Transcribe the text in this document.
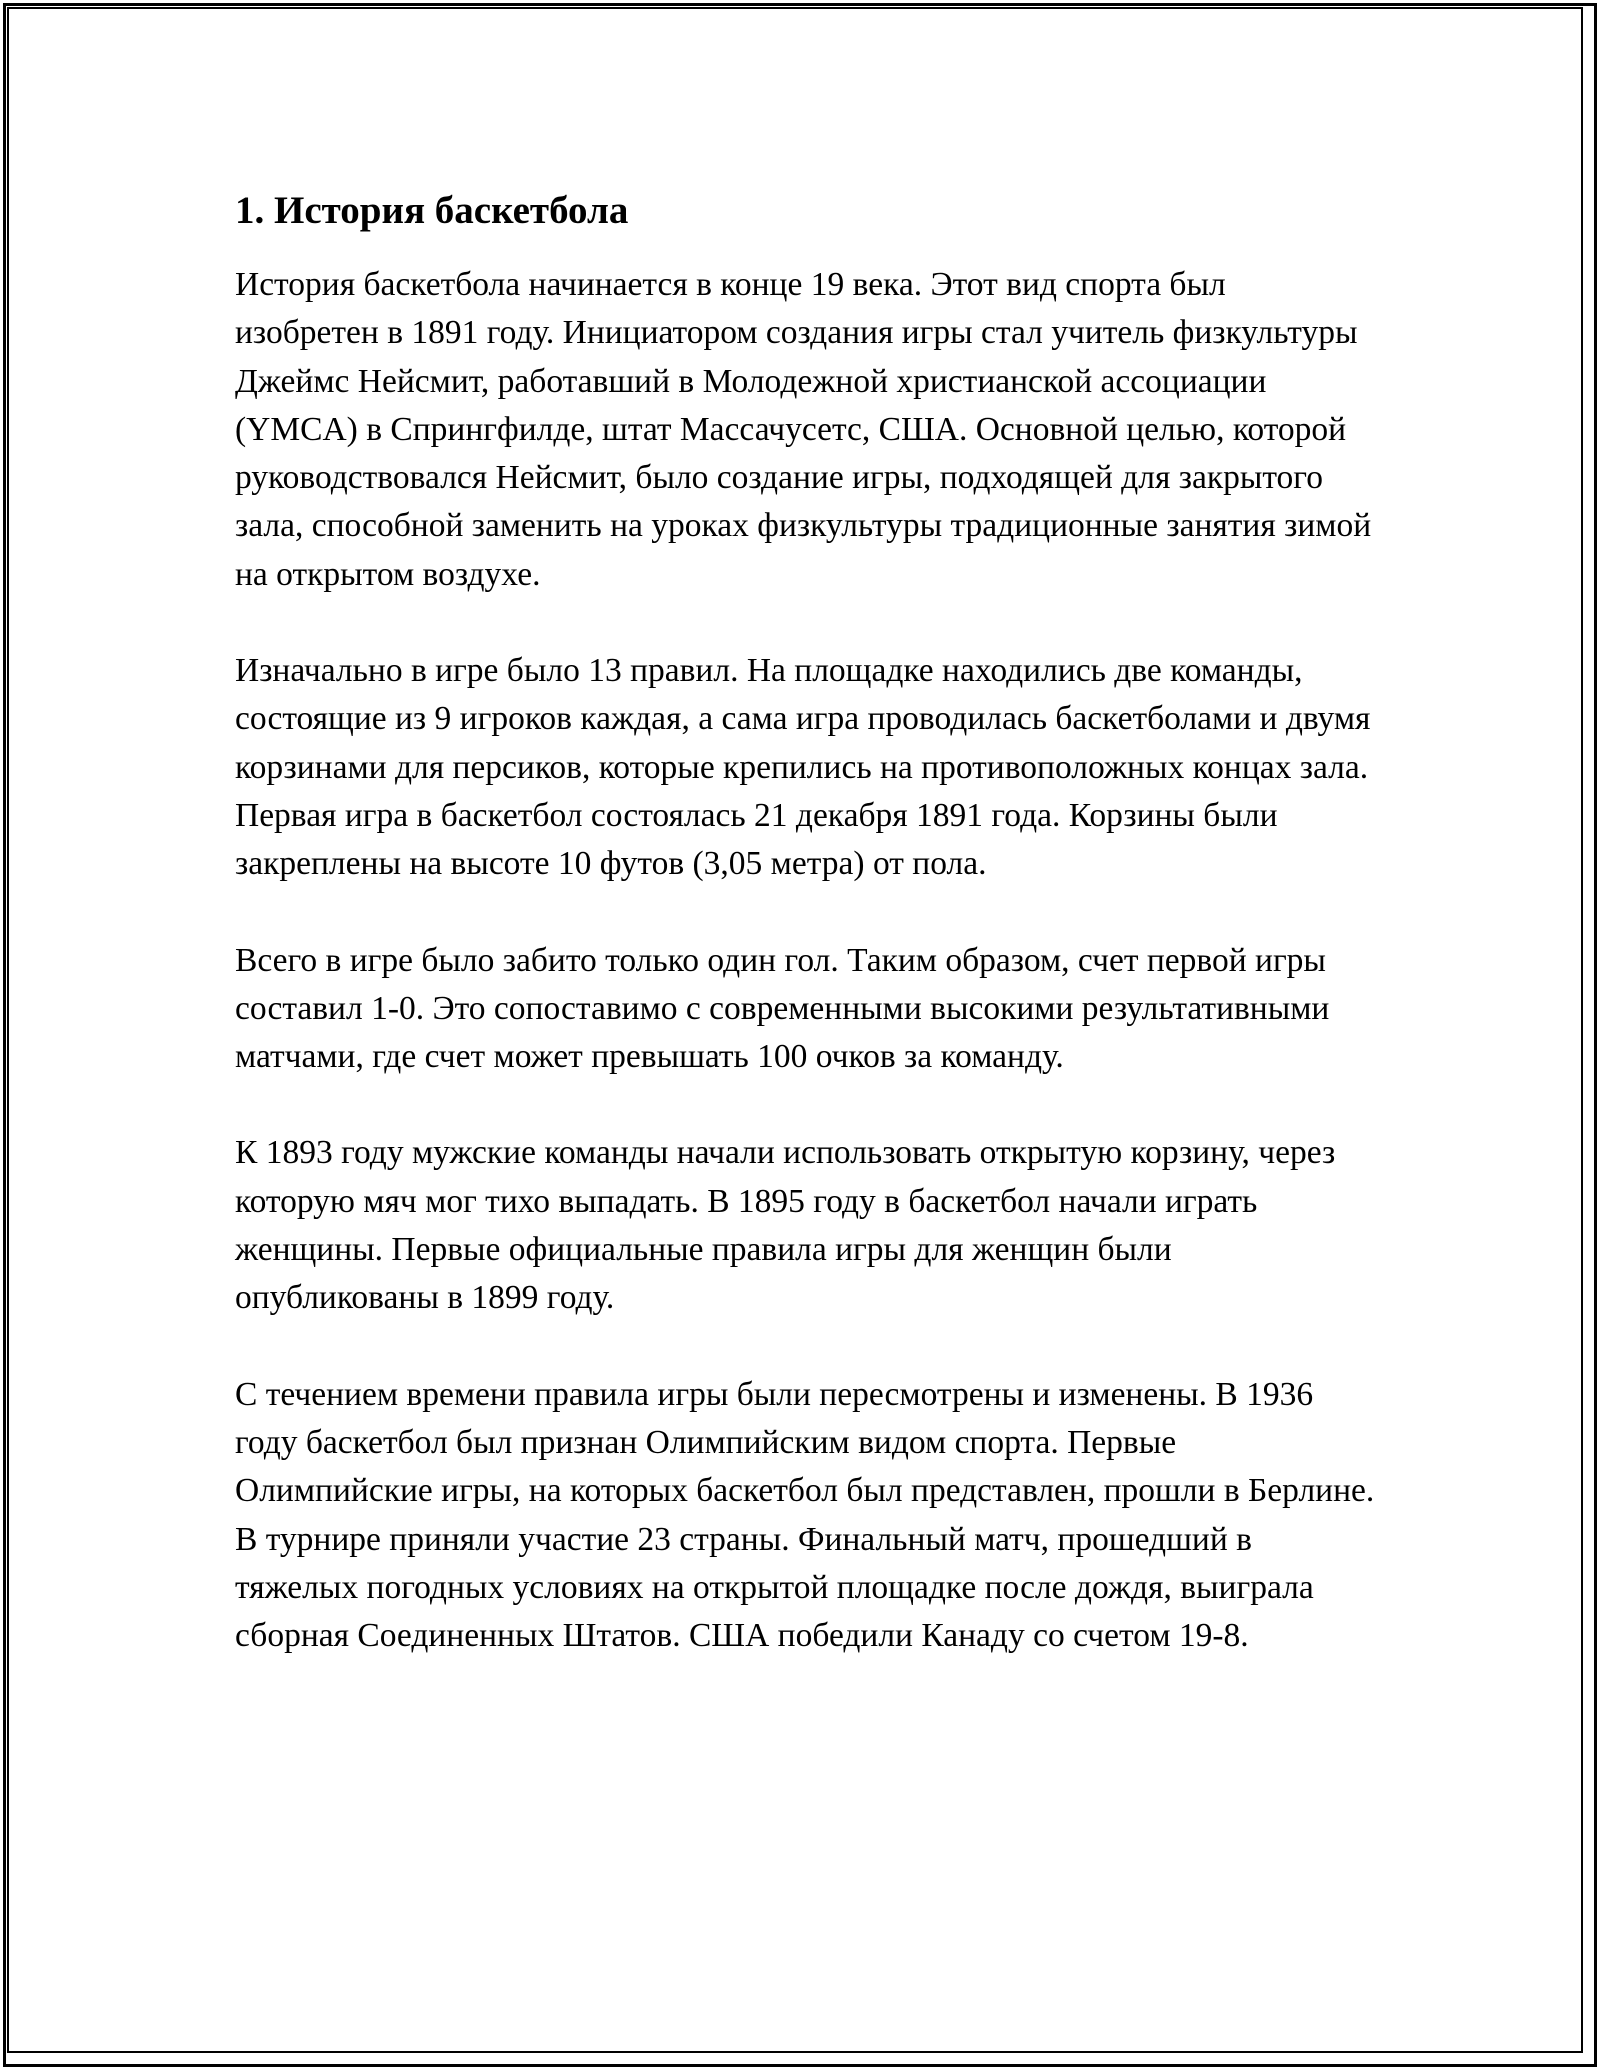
1. История баскетбола

История баскетбола начинается в конце 19 века. Этот вид спорта был изобретен в 1891 году. Инициатором создания игры стал учитель физкультуры Джеймс Нейсмит, работавший в Молодежной христианской ассоциации (YMCA) в Спрингфилде, штат Массачусетс, США. Основной целью, которой руководствовался Нейсмит, было создание игры, подходящей для закрытого зала, способной заменить на уроках физкультуры традиционные занятия зимой на открытом воздухе.

Изначально в игре было 13 правил. На площадке находились две команды, состоящие из 9 игроков каждая, а сама игра проводилась баскетболами и двумя корзинами для персиков, которые крепились на противоположных концах зала. Первая игра в баскетбол состоялась 21 декабря 1891 года. Корзины были закреплены на высоте 10 футов (3,05 метра) от пола.

Всего в игре было забито только один гол. Таким образом, счет первой игры составил 1-0. Это сопоставимо с современными высокими результативными матчами, где счет может превышать 100 очков за команду.

К 1893 году мужские команды начали использовать открытую корзину, через которую мяч мог тихо выпадать. В 1895 году в баскетбол начали играть женщины. Первые официальные правила игры для женщин были опубликованы в 1899 году.

С течением времени правила игры были пересмотрены и изменены. В 1936 году баскетбол был признан Олимпийским видом спорта. Первые Олимпийские игры, на которых баскетбол был представлен, прошли в Берлине. В турнире приняли участие 23 страны. Финальный матч, прошедший в тяжелых погодных условиях на открытой площадке после дождя, выиграла сборная Соединенных Штатов. США победили Канаду со счетом 19-8.
